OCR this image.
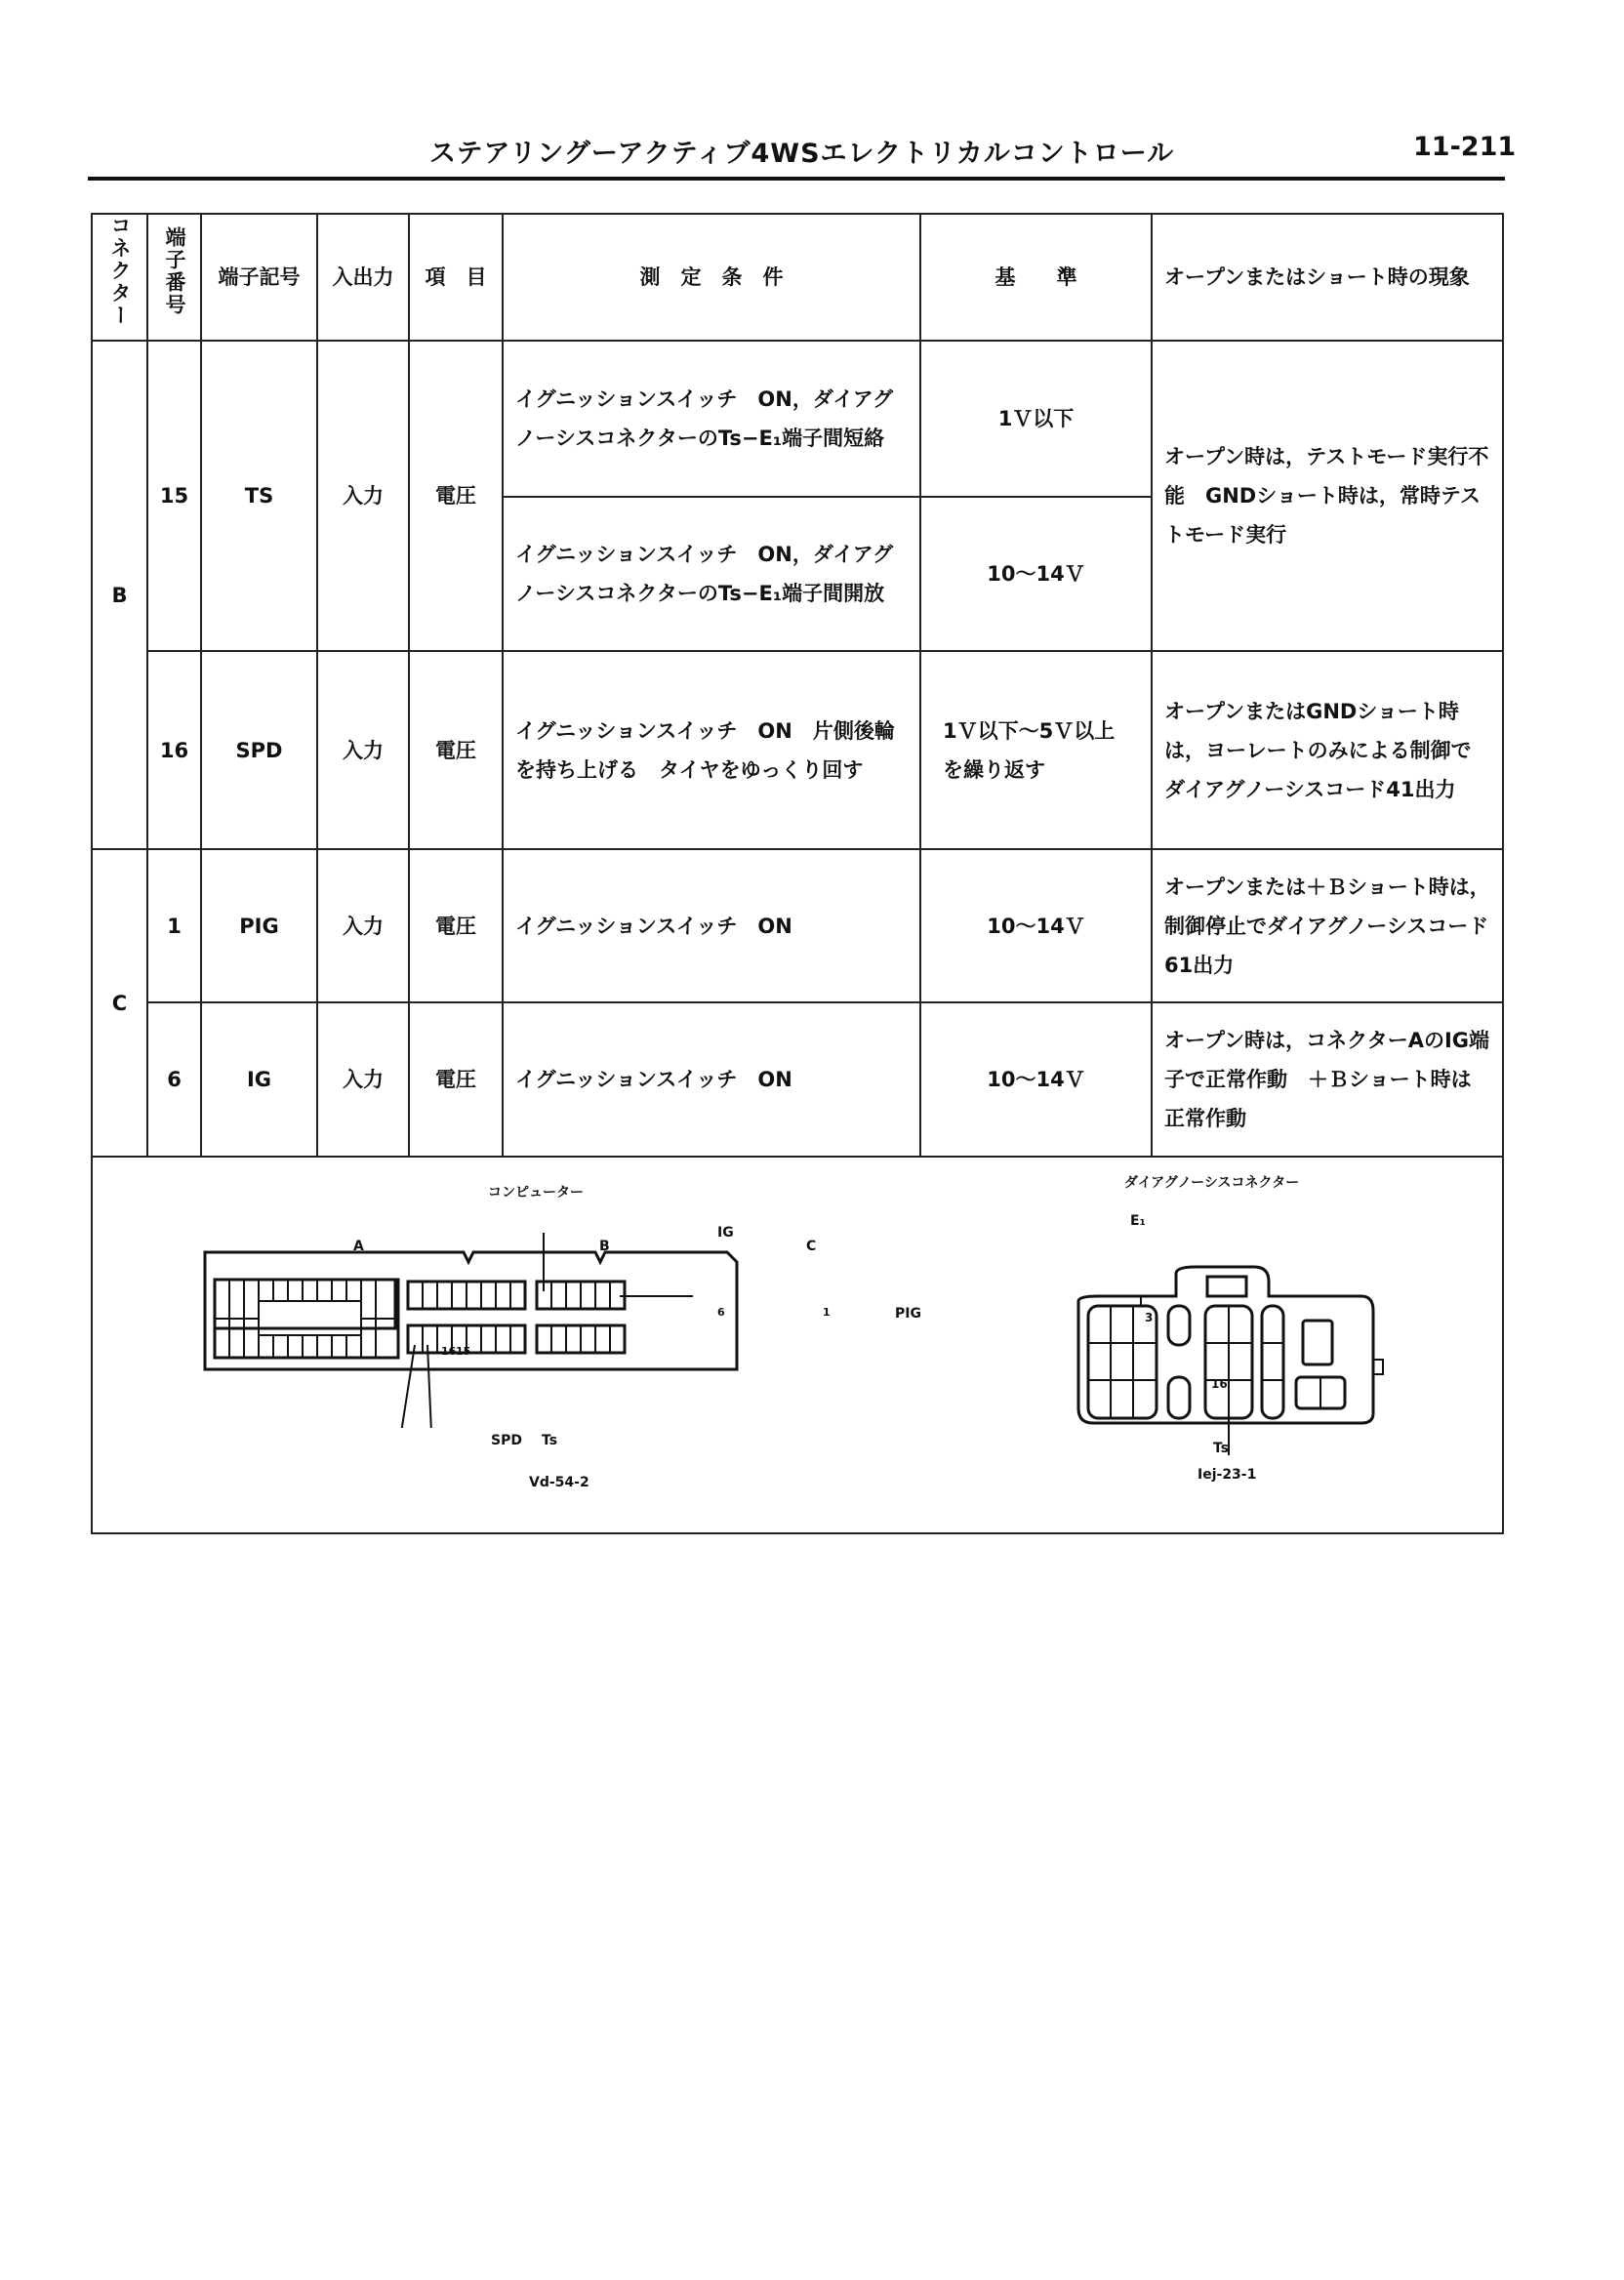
ステアリングーアクティブ4WSエレクトリカルコントロール	11-211
コネクター	端子番号	端子記号	入出力	項　目	測　定　条　件	基　　準	オープンまたはショート時の現象
B	15	TS	入力	電圧	イグニッションスイッチ　ON，ダイアグノーシスコネクターのTs−E₁端子間短絡	1Ｖ以下	オープン時は，テストモード実行不能　GNDショート時は，常時テストモード実行
					イグニッションスイッチ　ON，ダイアグノーシスコネクターのTs−E₁端子間開放	10〜14Ｖ	
	16	SPD	入力	電圧	イグニッションスイッチ　ON　片側後輪を持ち上げる　タイヤをゆっくり回す	1Ｖ以下〜5Ｖ以上を繰り返す	オープンまたはGNDショート時は，ヨーレートのみによる制御でダイアグノーシスコード41出力
C	1	PIG	入力	電圧	イグニッションスイッチ　ON	10〜14Ｖ	オープンまたは＋Ｂショート時は，制御停止でダイアグノーシスコード61出力
	6	IG	入力	電圧	イグニッションスイッチ　ON	10〜14Ｖ	オープン時は，コネクターAのIG端子で正常作動　＋Ｂショート時は正常作動
コンピューター
A	B	C
IG
PIG
SPD Ts
Vd-54-2
16 15
6	1
ダイアグノーシスコネクター
E₁
Ts
Iej-23-1
3
16
